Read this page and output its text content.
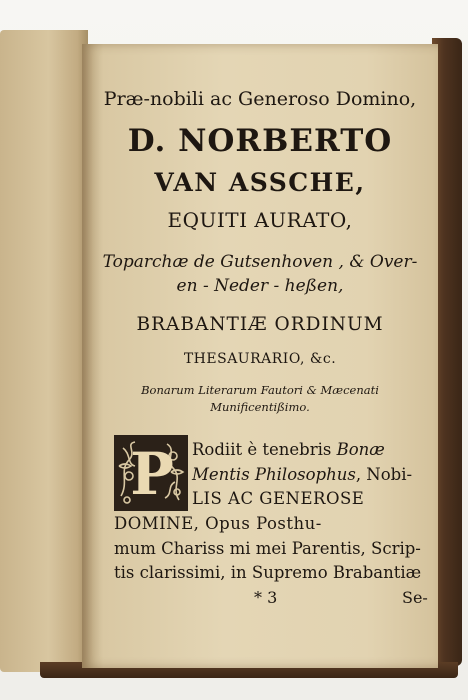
Præ-nobili ac Generoso Domino,
D. NORBERTO
VAN ASSCHE,
EQUITI AURATO,
Toparchæ de Gutsenhoven , & Over-
en - Neder - heßen,
BRABANTIÆ ORDINUM
THESAURARIO, &c.
Bonarum Literarum Fautori & Mæcenati
Munificentißimo.
P Rodiit è tenebris Bonæ
Mentis Philosophus, Nobi-
LIS AC GENEROSE
DOMINE, Opus Posthu-
mum Chariss mi mei Parentis, Scrip-
tis clarissimi, in Supremo Brabantiæ
* 3	Se-
